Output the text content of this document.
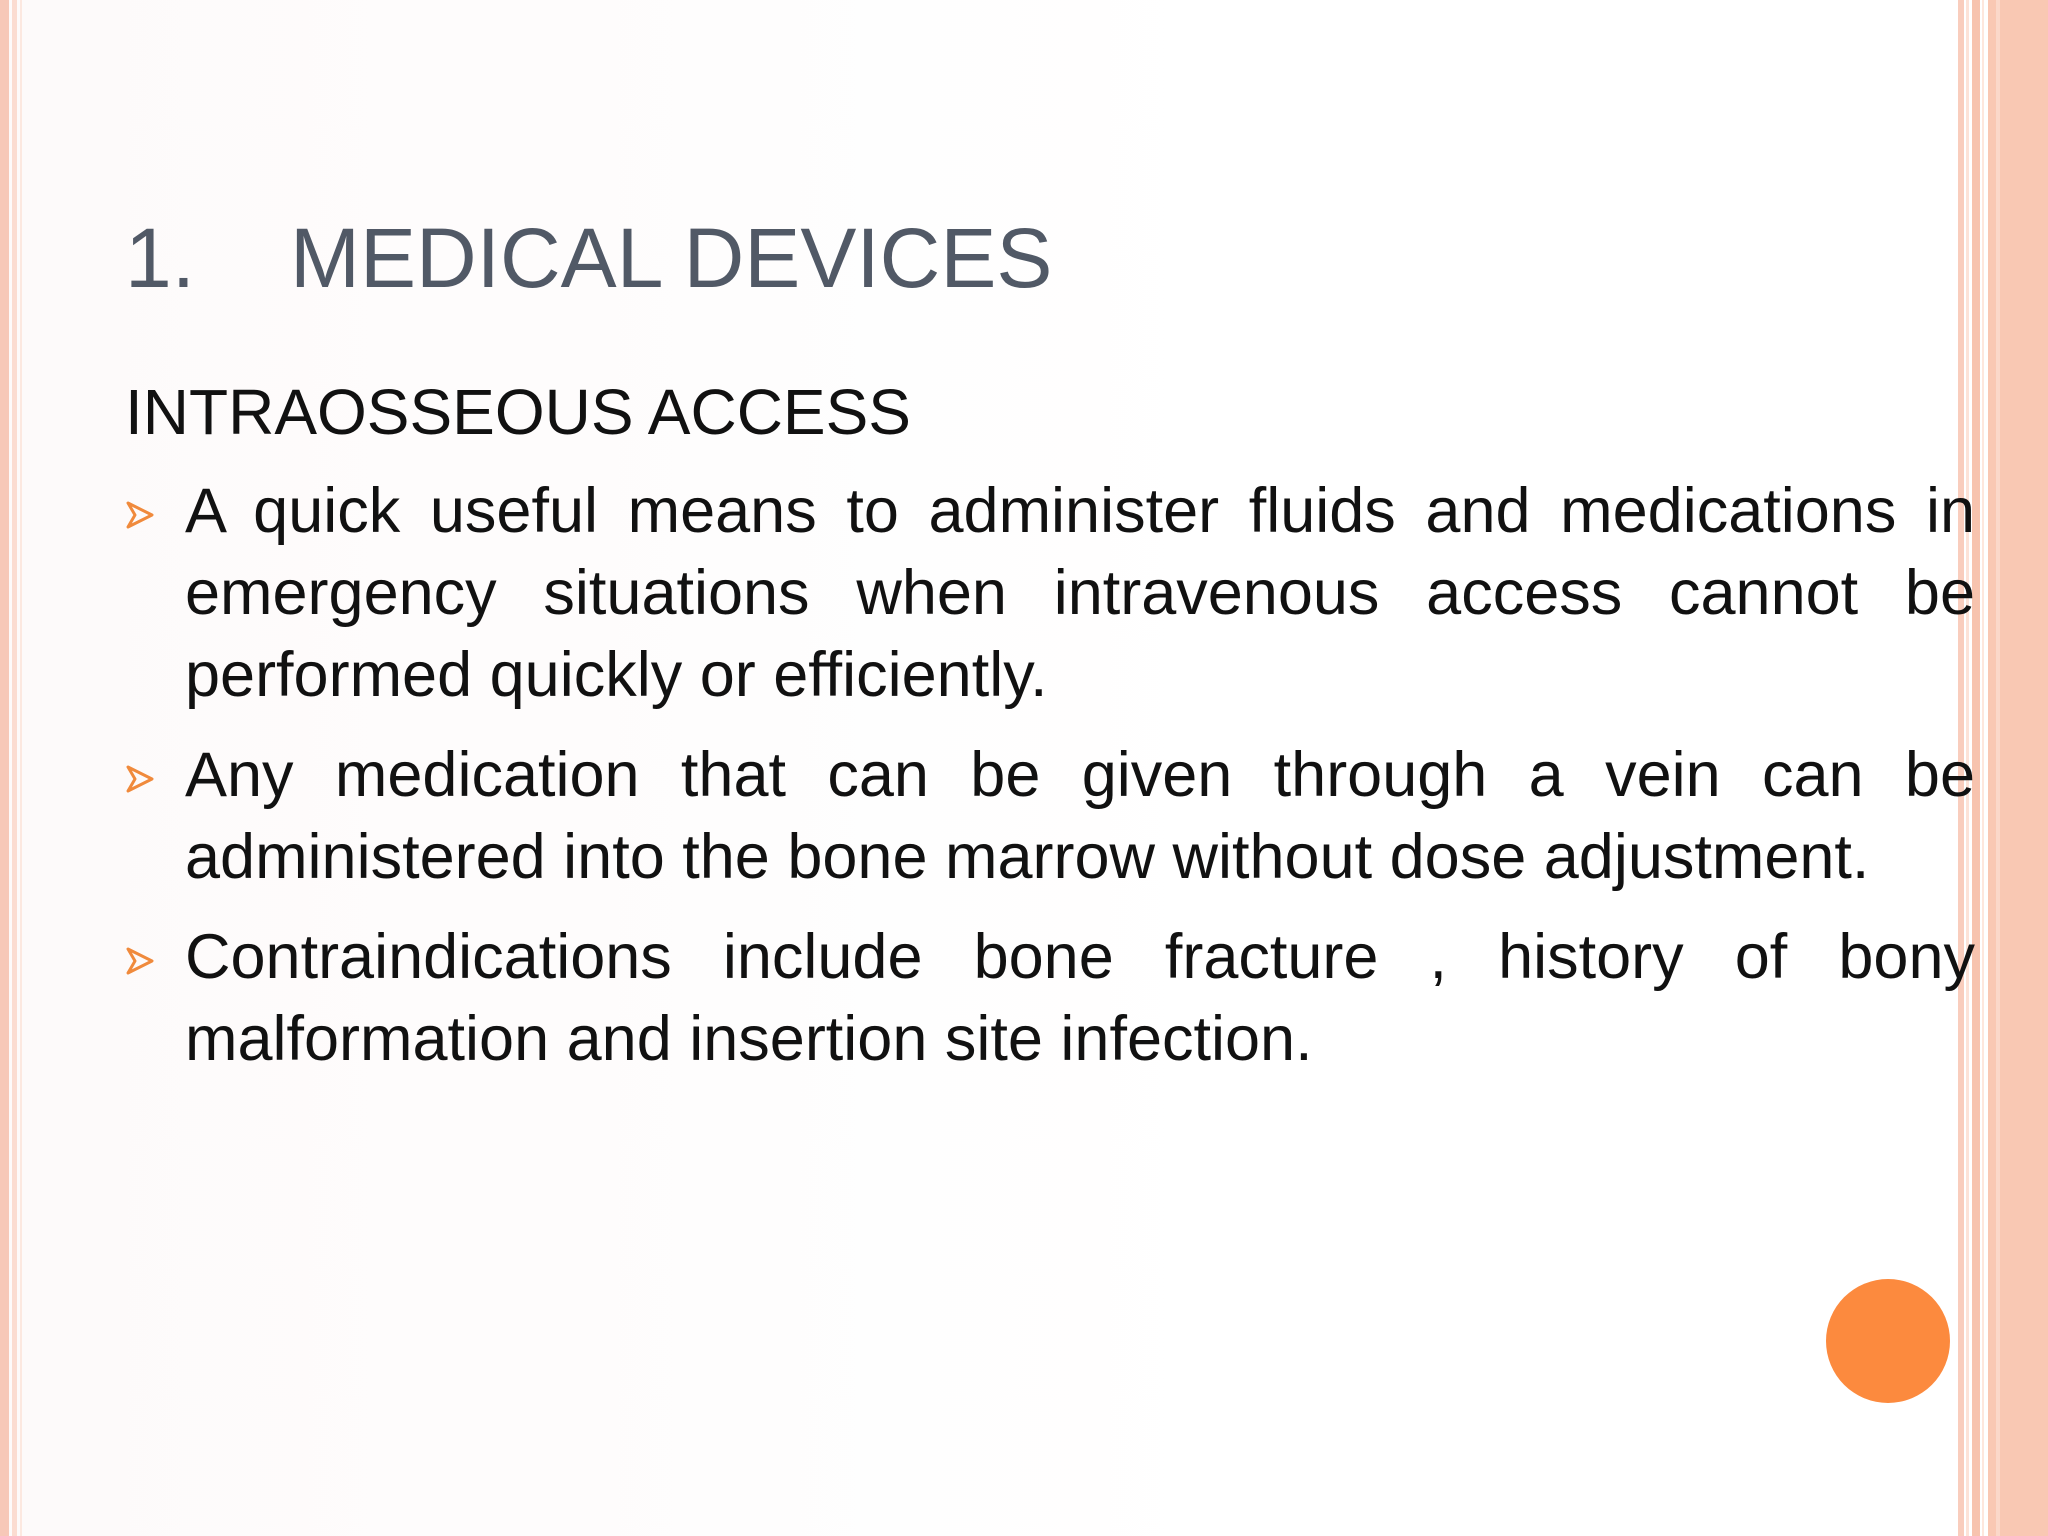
1. MEDICAL DEVICES
INTRAOSSEOUS ACCESS
A quick useful means to administer fluids and medications in emergency situations when intravenous access cannot be performed quickly or efficiently.
Any medication that can be given through a vein can be administered into the bone marrow without dose adjustment.
Contraindications include bone fracture , history of bony malformation and insertion site infection.
